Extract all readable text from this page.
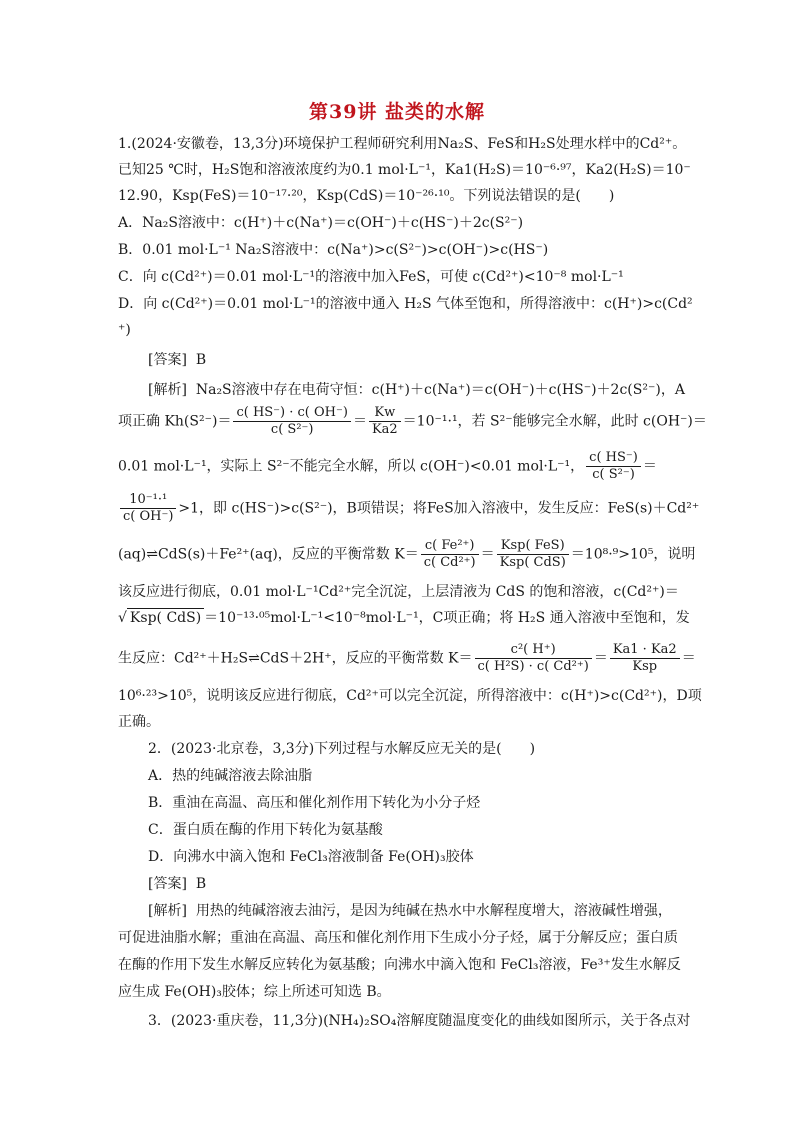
第39讲 盐类的水解
1.(2024·安徽卷，13,3分)环境保护工程师研究利用Na₂S、FeS和H₂S处理水样中的Cd²⁺。
已知25 ℃时，H₂S饱和溶液浓度约为0.1 mol·L⁻¹，Ka1(H₂S)＝10⁻⁶·⁹⁷，Ka2(H₂S)＝10⁻
12.90，Ksp(FeS)＝10⁻¹⁷·²⁰，Ksp(CdS)＝10⁻²⁶·¹⁰。下列说法错误的是(　　)
A．Na₂S溶液中：c(H⁺)＋c(Na⁺)＝c(OH⁻)＋c(HS⁻)＋2c(S²⁻)
B．0.01 mol·L⁻¹ Na₂S溶液中：c(Na⁺)>c(S²⁻)>c(OH⁻)>c(HS⁻)
C．向 c(Cd²⁺)＝0.01 mol·L⁻¹的溶液中加入FeS，可使 c(Cd²⁺)<10⁻⁸ mol·L⁻¹
D．向 c(Cd²⁺)＝0.01 mol·L⁻¹的溶液中通入 H₂S 气体至饱和，所得溶液中：c(H⁺)>c(Cd²
⁺)
[答案] B
[解析] Na₂S溶液中存在电荷守恒：c(H⁺)＋c(Na⁺)＝c(OH⁻)＋c(HS⁻)＋2c(S²⁻)，A
项正确 $Kh(S^{2-})= \frac{c( HS^-) \cdot c( OH^-)}{\text{c( S²⁻)}} = \frac{Kw}{Ka2} =10^{-1}\cdot^1$，若 S²⁻能够完全水解，此时 c(OH⁻)＝
0.01 mol·L⁻¹，实际上 S²⁻不能完全水解，所以 c(OH⁻)<0.01 mol·L⁻¹， $\frac{c( HS^-)}{\text{c( S²⁻)}}$ ＝
$\frac{\text{10⁻¹·¹}}{c( OH^-)} >1$，即 c(HS⁻)>c(S²⁻)，B项错误；将FeS加入溶液中，发生反应：FeS(s)＋Cd²⁺
(aq)⇌CdS(s)＋Fe²⁺(aq)，反应的平衡常数 $K= \frac{\text{c( Fe²⁺)}}{\text{c( Cd²⁺)}} = \frac{\text{Ksp( FeS)}}{\text{Ksp( CdS)}} =10^8\cdot^9>10^5$，说明
该反应进行彻底，0.01 mol·L⁻¹Cd²⁺完全沉淀，上层清液为 CdS 的饱和溶液，c(Cd²⁺)＝
√ Ksp( CdS) ＝10⁻¹³·⁰⁵mol·L⁻¹<10⁻⁸mol·L⁻¹，C项正确；将 H₂S 通入溶液中至饱和，发
生反应：Cd²⁺＋H₂S⇌CdS＋2H⁺，反应的平衡常数 $K= \frac{\text{c²( H⁺)}}{\text{c( H²S) · c( Cd²⁺)}} = \frac{Ka1 \cdot Ka2}{\text{Ksp}}$ ＝
10⁶·²³>10⁵，说明该反应进行彻底，Cd²⁺可以完全沉淀，所得溶液中：c(H⁺)>c(Cd²⁺)，D项
正确。
2．(2023·北京卷，3,3分)下列过程与水解反应无关的是(　　)
A．热的纯碱溶液去除油脂
B．重油在高温、高压和催化剂作用下转化为小分子烃
C．蛋白质在酶的作用下转化为氨基酸
D．向沸水中滴入饱和 FeCl₃溶液制备 Fe(OH)₃胶体
[答案] B
[解析] 用热的纯碱溶液去油污，是因为纯碱在热水中水解程度增大，溶液碱性增强，
可促进油脂水解；重油在高温、高压和催化剂作用下生成小分子烃，属于分解反应；蛋白质
在酶的作用下发生水解反应转化为氨基酸；向沸水中滴入饱和 FeCl₃溶液，Fe³⁺发生水解反
应生成 Fe(OH)₃胶体；综上所述可知选 B。
3．(2023·重庆卷，11,3分)(NH₄)₂SO₄溶解度随温度变化的曲线如图所示，关于各点对
